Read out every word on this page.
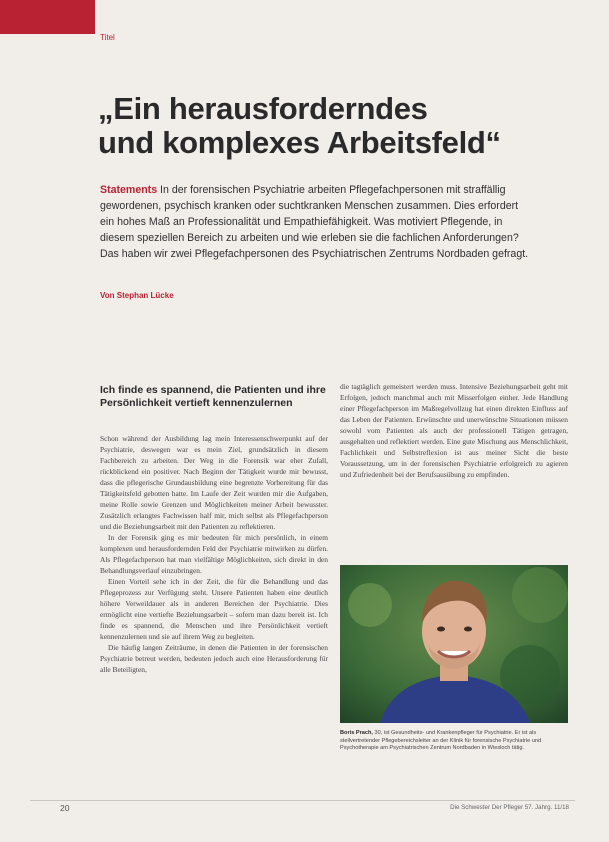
Titel
„Ein herausforderndes
und komplexes Arbeitsfeld“

Statements In der forensischen Psychiatrie arbeiten Pflegefachpersonen mit straffällig gewordenen, psychisch kranken oder suchtkranken Menschen zusammen. Dies erfordert ein hohes Maß an Professionalität und Empathiefähigkeit. Was motiviert Pflegende, in diesem speziellen Bereich zu arbeiten und wie erleben sie die fachlichen Anforderungen? Das haben wir zwei Pflegefachpersonen des Psychiatrischen Zentrums Nordbaden gefragt.

Von Stephan Lücke
Ich finde es spannend, die Patienten und ihre Persönlichkeit vertieft kennenzulernen

Schon während der Ausbildung lag mein Interessenschwerpunkt auf der Psychiatrie, deswegen war es mein Ziel, grundsätzlich in diesem Fachbereich zu arbeiten. Der Weg in die Forensik war eher Zufall, rückblickend ein positiver. Nach Beginn der Tätigkeit wurde mir bewusst, dass die pflegerische Grundausbildung eine begrenzte Vorbereitung für das Tätigkeitsfeld gebotten hatte. Im Laufe der Zeit wurden mir die Aufgaben, meine Rolle sowie Grenzen und Möglichkeiten meiner Arbeit bewusster. Zusätzlich erlangtes Fachwissen half mir, mich selbst als Pflegefachperson und die Beziehungsarbeit mit den Patienten zu reflektieren.

In der Forensik ging es mir bedeuten für mich persönlich, in einem komplexen und herausfordernden Feld der Psychiatrie mitwirken zu dürfen. Als Pflegefachperson hat man vielfältige Möglichkeiten, sich direkt in den Behandlungsverlauf einzubringen.

Einen Vorteil sehe ich in der Zeit, die für die Behandlung und das Pflegeprozess zur Verfügung steht. Unsere Patienten haben eine deutlich höhere Verweildauer als in anderen Bereichen der Psychiatrie. Dies ermöglicht eine vertiefte Beziehungsarbeit – sofern man dazu bereit ist. Ich finde es spannend, die Menschen und ihre Persönlichkeit vertieft kennenzulernen und sie auf ihrem Weg zu begleiten.

Die häufig langen Zeiträume, in denen die Patienten in der forensischen Psychiatrie betreut werden, bedeuten jedoch auch eine Herausforderung für alle Beteiligten,

die tagtäglich gemeistert werden muss. Intensive Beziehungsarbeit geht mit Erfolgen, jedoch manchmal auch mit Misserfolgen einher. Jede Handlung einer Pflegefachperson im Maßregelvollzug hat einen direkten Einfluss auf das Leben der Patienten. Erwünschte und unerwünschte Situationen müssen sowohl vom Patienten als auch der professionell Tätigen getragen, ausgehalten und reflektiert werden. Eine gute Mischung aus Menschlichkeit, Fachlichkeit und Selbstreflexion ist aus meiner Sicht die beste Voraussetzung, um in der forensischen Psychiatrie erfolgreich zu agieren und Zufriedenheit bei der Berufsausübung zu empfinden.

Boris Prach, 30, ist Gesundheits- und Krankenpfleger für Psychiatrie. Er ist als stellvertretender Pflegebereichsleiter an der Klinik für forensische Psychiatrie und Psychotherapie am Psychiatrischen Zentrum Nordbaden in Wiesloch tätig.

20	Die Schwester Der Pfleger 57. Jahrg. 11/18
